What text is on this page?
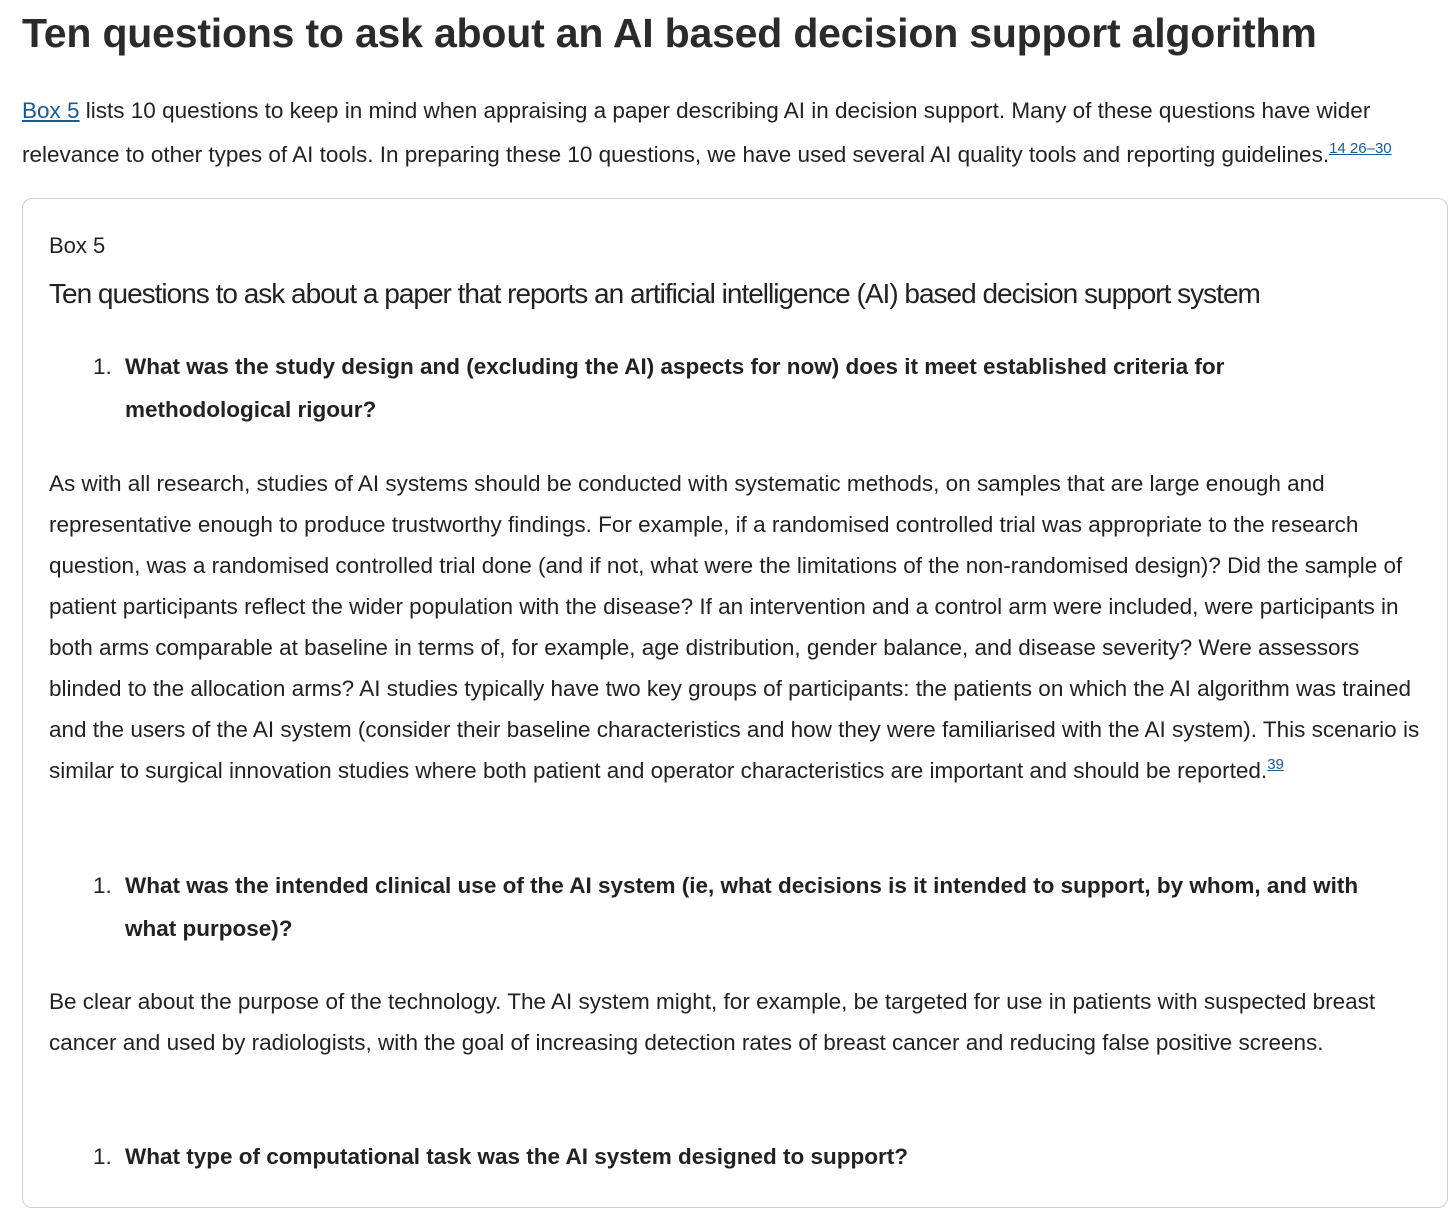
Ten questions to ask about an AI based decision support algorithm

Box 5 lists 10 questions to keep in mind when appraising a paper describing AI in decision support. Many of these questions have wider relevance to other types of AI tools. In preparing these 10 questions, we have used several AI quality tools and reporting guidelines.$^{14 26-30}$

Box 5
Ten questions to ask about a paper that reports an artificial intelligence (AI) based decision support system
1. What was the study design and (excluding the AI) aspects for now) does it meet established criteria for methodological rigour?

As with all research, studies of AI systems should be conducted with systematic methods, on samples that are large enough and representative enough to produce trustworthy findings. For example, if a randomised controlled trial was appropriate to the research question, was a randomised controlled trial done (and if not, what were the limitations of the non-randomised design)? Did the sample of patient participants reflect the wider population with the disease? If an intervention and a control arm were included, were participants in both arms comparable at baseline in terms of, for example, age distribution, gender balance, and disease severity? Were assessors blinded to the allocation arms? AI studies typically have two key groups of participants: the patients on which the AI algorithm was trained and the users of the AI system (consider their baseline characteristics and how they were familiarised with the AI system). This scenario is similar to surgical innovation studies where both patient and operator characteristics are important and should be reported.$^{39}$

1. What was the intended clinical use of the AI system (ie, what decisions is it intended to support, by whom, and with what purpose)?

Be clear about the purpose of the technology. The AI system might, for example, be targeted for use in patients with suspected breast cancer and used by radiologists, with the goal of increasing detection rates of breast cancer and reducing false positive screens.

1. What type of computational task was the AI system designed to support?
